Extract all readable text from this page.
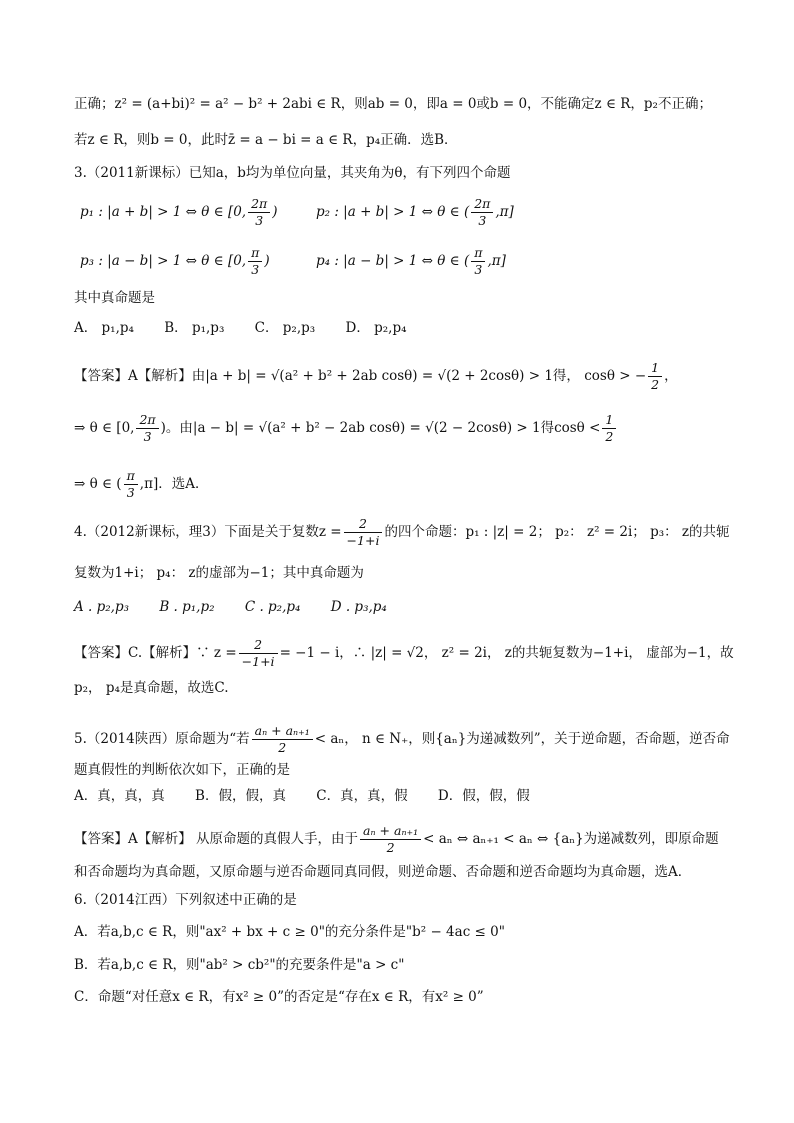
正确；z² = (a+bi)² = a² − b² + 2abi ∈ R，则ab = 0，即a = 0或b = 0，不能确定z ∈ R，p₂不正确；
若z ∈ R，则b = 0，此时z̄ = a − bi = a ∈ R，p₄正确．选B．
3.（2011新课标）已知a，b均为单位向量，其夹角为θ，有下列四个命题
p₁ : |a + b| > 1 ⇔ θ ∈ [0, $\frac{2\pi}{3}$ )	p₂ : |a + b| > 1 ⇔ θ ∈ ( $\frac{2\pi}{3} ,\pi$]
p₃ : |a − b| > 1 ⇔ θ ∈ [0, $\frac{\pi}{3}$ )	p₄ : |a − b| > 1 ⇔ θ ∈ ( $\frac{\pi}{3} ,\pi$]
其中真命题是
A． p₁,p₄ B． p₁,p₃ C． p₂,p₃ D． p₂,p₄
【答案】A【解析】由|a + b| = √(a² + b² + 2ab cosθ) = √(2 + 2cosθ) > 1得， cosθ > − $\frac{1}{2}$ ，
⇒ θ ∈ [0, $\frac{2\pi}{3}$ )。由|a − b| = √(a² + b² − 2ab cosθ) = √(2 − 2cosθ) > 1得$\cos\theta < \frac{1}{2}$
⇒ θ ∈ ( $\frac{\pi}{3} ,\pi$]．选A．
4.（2012新课标，理3）下面是关于复数$z = \frac{2}{-1+i}$ 的四个命题：p₁ : |z| = 2； p₂： z² = 2i； p₃： z的共轭
复数为1+i； p₄： z的虚部为−1；其中真命题为
A . p₂,p₃ B . p₁,p₂ C . p₂,p₄ D . p₃,p₄
【答案】C.【解析】∵ $z = \frac{2}{-1+i} = -1 - i$，∴ |z| = √2， z² = 2i， z的共轭复数为−1+i， 虚部为−1，故
p₂， p₄是真命题，故选C.
5.（2014陕西）原命题为“若 $\frac{\text{aₙ + aₙ₊₁}}{2} < a_n$， n ∈ N₊，则{aₙ}为递减数列”，关于逆命题，否命题，逆否命
题真假性的判断依次如下，正确的是
A．真，真，真 B．假，假，真 C．真，真，假 D．假，假，假
【答案】A【解析】 从原命题的真假人手，由于 $\frac{\text{aₙ + aₙ₊₁}}{2} < a_n$ ⇔ aₙ₊₁ < aₙ ⇔ {aₙ}为递减数列，即原命题
和否命题均为真命题，又原命题与逆否命题同真同假，则逆命题、否命题和逆否命题均为真命题，选A．
6.（2014江西）下列叙述中正确的是
A．若a,b,c ∈ R，则"ax² + bx + c ≥ 0"的充分条件是"b² − 4ac ≤ 0"
B．若a,b,c ∈ R，则"ab² > cb²"的充要条件是"a > c"
C．命题“对任意x ∈ R，有x² ≥ 0”的否定是“存在x ∈ R，有x² ≥ 0”
